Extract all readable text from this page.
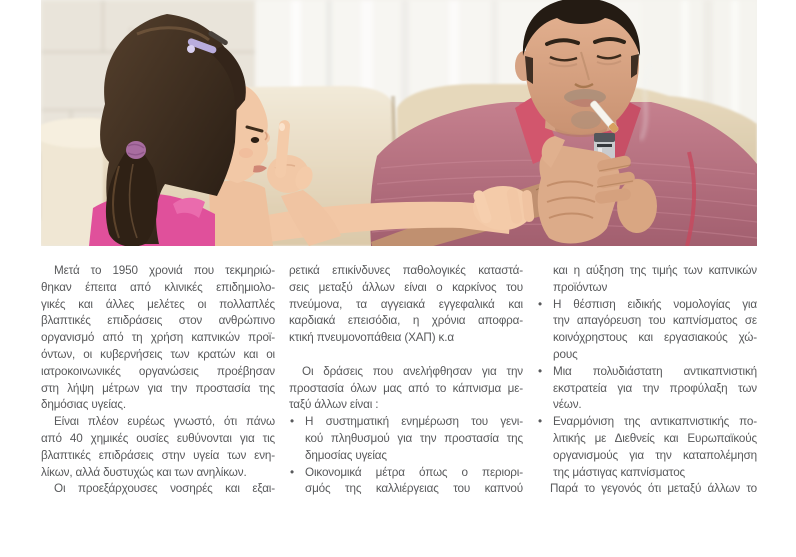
Μετά το 1950 χρονιά που τεκμηριώ-
θηκαν έπειτα από κλινικές επιδημιολο-
γικές και άλλες μελέτες οι πολλαπλές
βλαπτικές επιδράσεις στον ανθρώπινο
οργανισμό από τη χρήση καπνικών προϊ-
όντων, οι κυβερνήσεις των κρατών και οι
ιατροκοινωνικές οργανώσεις προέβησαν
στη λήψη μέτρων για την προστασία της
δημόσιας υγείας.
Είναι πλέον ευρέως γνωστό, ότι πάνω
από 40 χημικές ουσίες ευθύνονται για τις
βλαπτικές επιδράσεις στην υγεία των ενη-
λίκων, αλλά δυστυχώς και των ανηλίκων.
Οι προεξάρχουσες νοσηρές και εξαι-
ρετικά επικίνδυνες παθολογικές καταστά-
σεις μεταξύ άλλων είναι ο καρκίνος του
πνεύμονα, τα αγγειακά εγγεφαλικά και
καρδιακά επεισόδια, η χρόνια αποφρα-
κτική πνευμονοπάθεια (ΧΑΠ) κ.α
Οι δράσεις που ανελήφθησαν για την
προστασία όλων μας από το κάπνισμα με-
ταξύ άλλων είναι :
• Η συστηματική ενημέρωση του γενι-
κού πληθυσμού για την προστασία της
δημοσίας υγείας
• Οικονομικά μέτρα όπως ο περιορι-
σμός της καλλιέργειας του καπνού
και η αύξηση της τιμής των καπνικών
προϊόντων
• Η θέσπιση ειδικής νομολογίας για
την απαγόρευση του καπνίσματος σε
κοινόχρηστους και εργασιακούς χώ-
ρους
• Μια πολυδιάστατη αντικαπνιστική
εκστρατεία για την προφύλαξη των
νέων.
• Εναρμόνιση της αντικαπνιστικής πο-
λιτικής με Διεθνείς και Ευρωπαϊκούς
οργανισμούς για την καταπολέμηση
της μάστιγας καπνίσματος
Παρά το γεγονός ότι μεταξύ άλλων το
